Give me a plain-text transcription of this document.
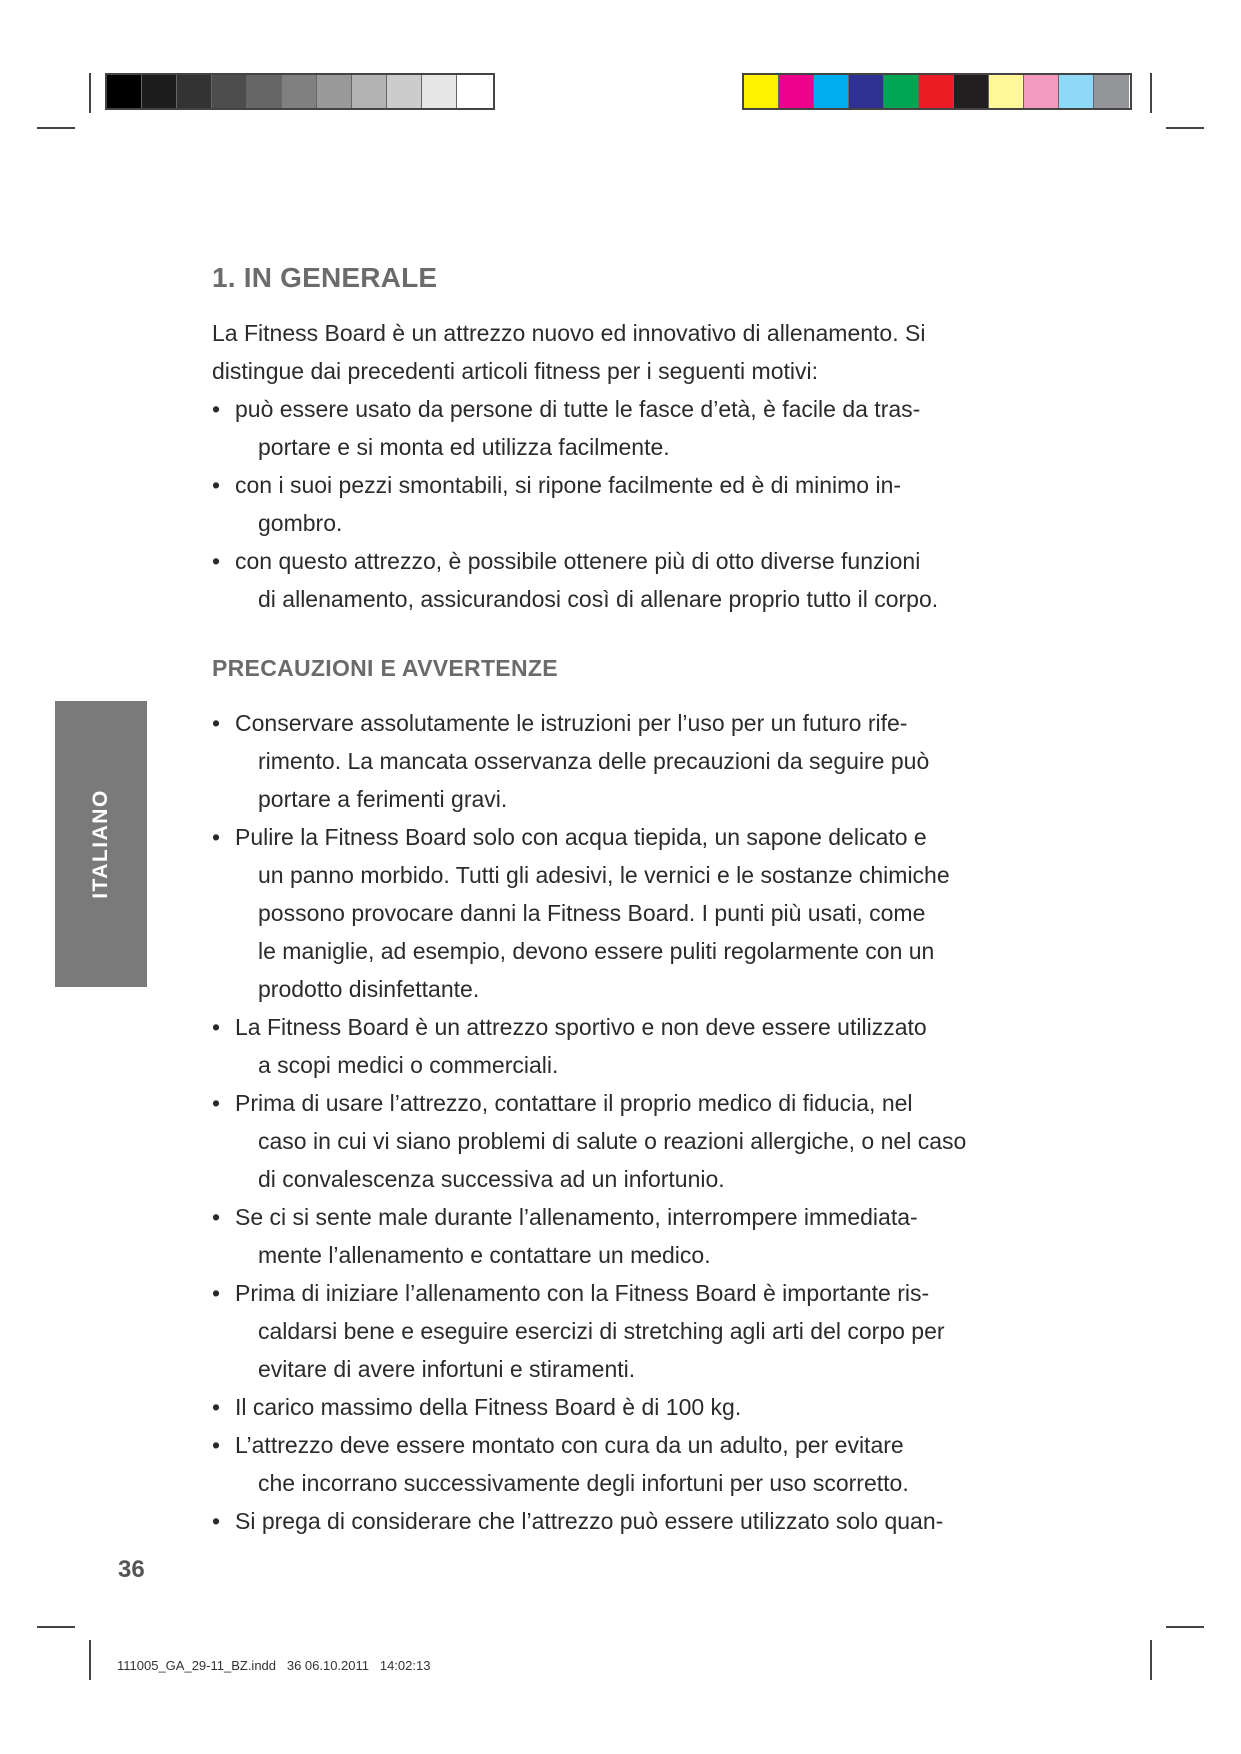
ITALIANO
1. IN GENERALE
La Fitness Board è un attrezzo nuovo ed innovativo di allenamento. Si
distingue dai precedenti articoli fitness per i seguenti motivi:
• può essere usato da persone di tutte le fasce d’età, è facile da tras-
portare e si monta ed utilizza facilmente.
• con i suoi pezzi smontabili, si ripone facilmente ed è di minimo in-
gombro.
• con questo attrezzo, è possibile ottenere più di otto diverse funzioni
di allenamento, assicurandosi così di allenare proprio tutto il corpo.
PRECAUZIONI E AVVERTENZE
• Conservare assolutamente le istruzioni per l’uso per un futuro rife-
rimento. La mancata osservanza delle precauzioni da seguire può
portare a ferimenti gravi.
• Pulire la Fitness Board solo con acqua tiepida, un sapone delicato e
un panno morbido. Tutti gli adesivi, le vernici e le sostanze chimiche
possono provocare danni la Fitness Board. I punti più usati, come
le maniglie, ad esempio, devono essere puliti regolarmente con un
prodotto disinfettante.
• La Fitness Board è un attrezzo sportivo e non deve essere utilizzato
a scopi medici o commerciali.
• Prima di usare l’attrezzo, contattare il proprio medico di fiducia, nel
caso in cui vi siano problemi di salute o reazioni allergiche, o nel caso
di convalescenza successiva ad un infortunio.
• Se ci si sente male durante l’allenamento, interrompere immediata-
mente l’allenamento e contattare un medico.
• Prima di iniziare l’allenamento con la Fitness Board è importante ris-
caldarsi bene e eseguire esercizi di stretching agli arti del corpo per
evitare di avere infortuni e stiramenti.
• Il carico massimo della Fitness Board è di 100 kg.
• L’attrezzo deve essere montato con cura da un adulto, per evitare
che incorrano successivamente degli infortuni per uso scorretto.
• Si prega di considerare che l’attrezzo può essere utilizzato solo quan-
36
111005_GA_29-11_BZ.indd   36 06.10.2011   14:02:13
